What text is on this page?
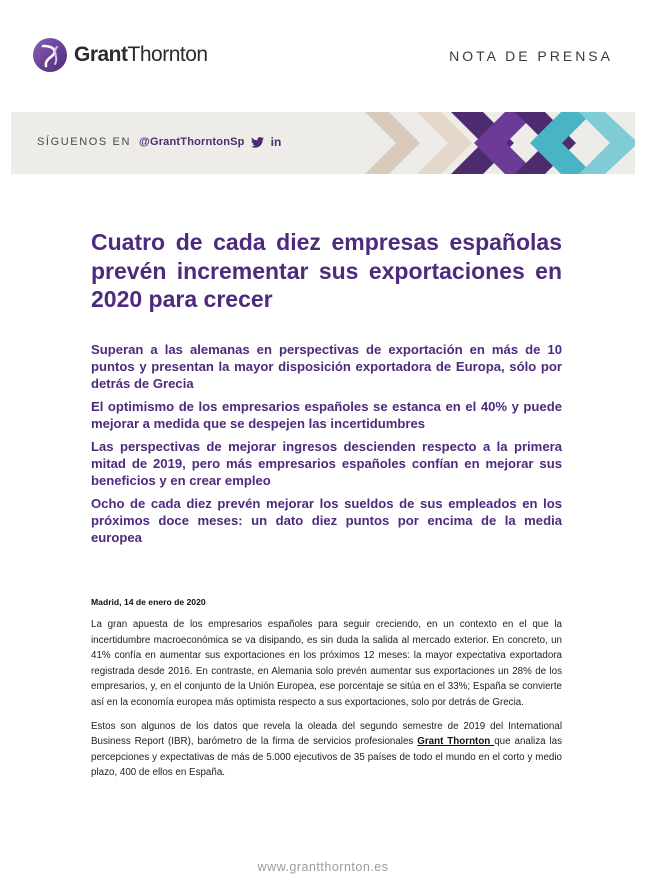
GrantThornton	NOTA DE PRENSA
SÍGUENOS EN @GrantThorntonSp in
Cuatro de cada diez empresas españolas prevén incrementar sus exportaciones en 2020 para crecer

Superan a las alemanas en perspectivas de exportación en más de 10 puntos y presentan la mayor disposición exportadora de Europa, sólo por detrás de Grecia

El optimismo de los empresarios españoles se estanca en el 40% y puede mejorar a medida que se despejen las incertidumbres

Las perspectivas de mejorar ingresos descienden respecto a la primera mitad de 2019, pero más empresarios españoles confían en mejorar sus beneficios y en crear empleo

Ocho de cada diez prevén mejorar los sueldos de sus empleados en los próximos doce meses: un dato diez puntos por encima de la media europea

Madrid, 14 de enero de 2020

La gran apuesta de los empresarios españoles para seguir creciendo, en un contexto en el que la incertidumbre macroeconómica se va disipando, es sin duda la salida al mercado exterior. En concreto, un 41% confía en aumentar sus exportaciones en los próximos 12 meses: la mayor expectativa exportadora registrada desde 2016. En contraste, en Alemania solo prevén aumentar sus exportaciones un 28% de los empresarios, y, en el conjunto de la Unión Europea, ese porcentaje se sitúa en el 33%; España se convierte así en la economía europea más optimista respecto a sus exportaciones, solo por detrás de Grecia.

Estos son algunos de los datos que revela la oleada del segundo semestre de 2019 del International Business Report (IBR), barómetro de la firma de servicios profesionales Grant Thornton que analiza las percepciones y expectativas de más de 5.000 ejecutivos de 35 países de todo el mundo en el corto y medio plazo, 400 de ellos en España.

www.grantthornton.es
